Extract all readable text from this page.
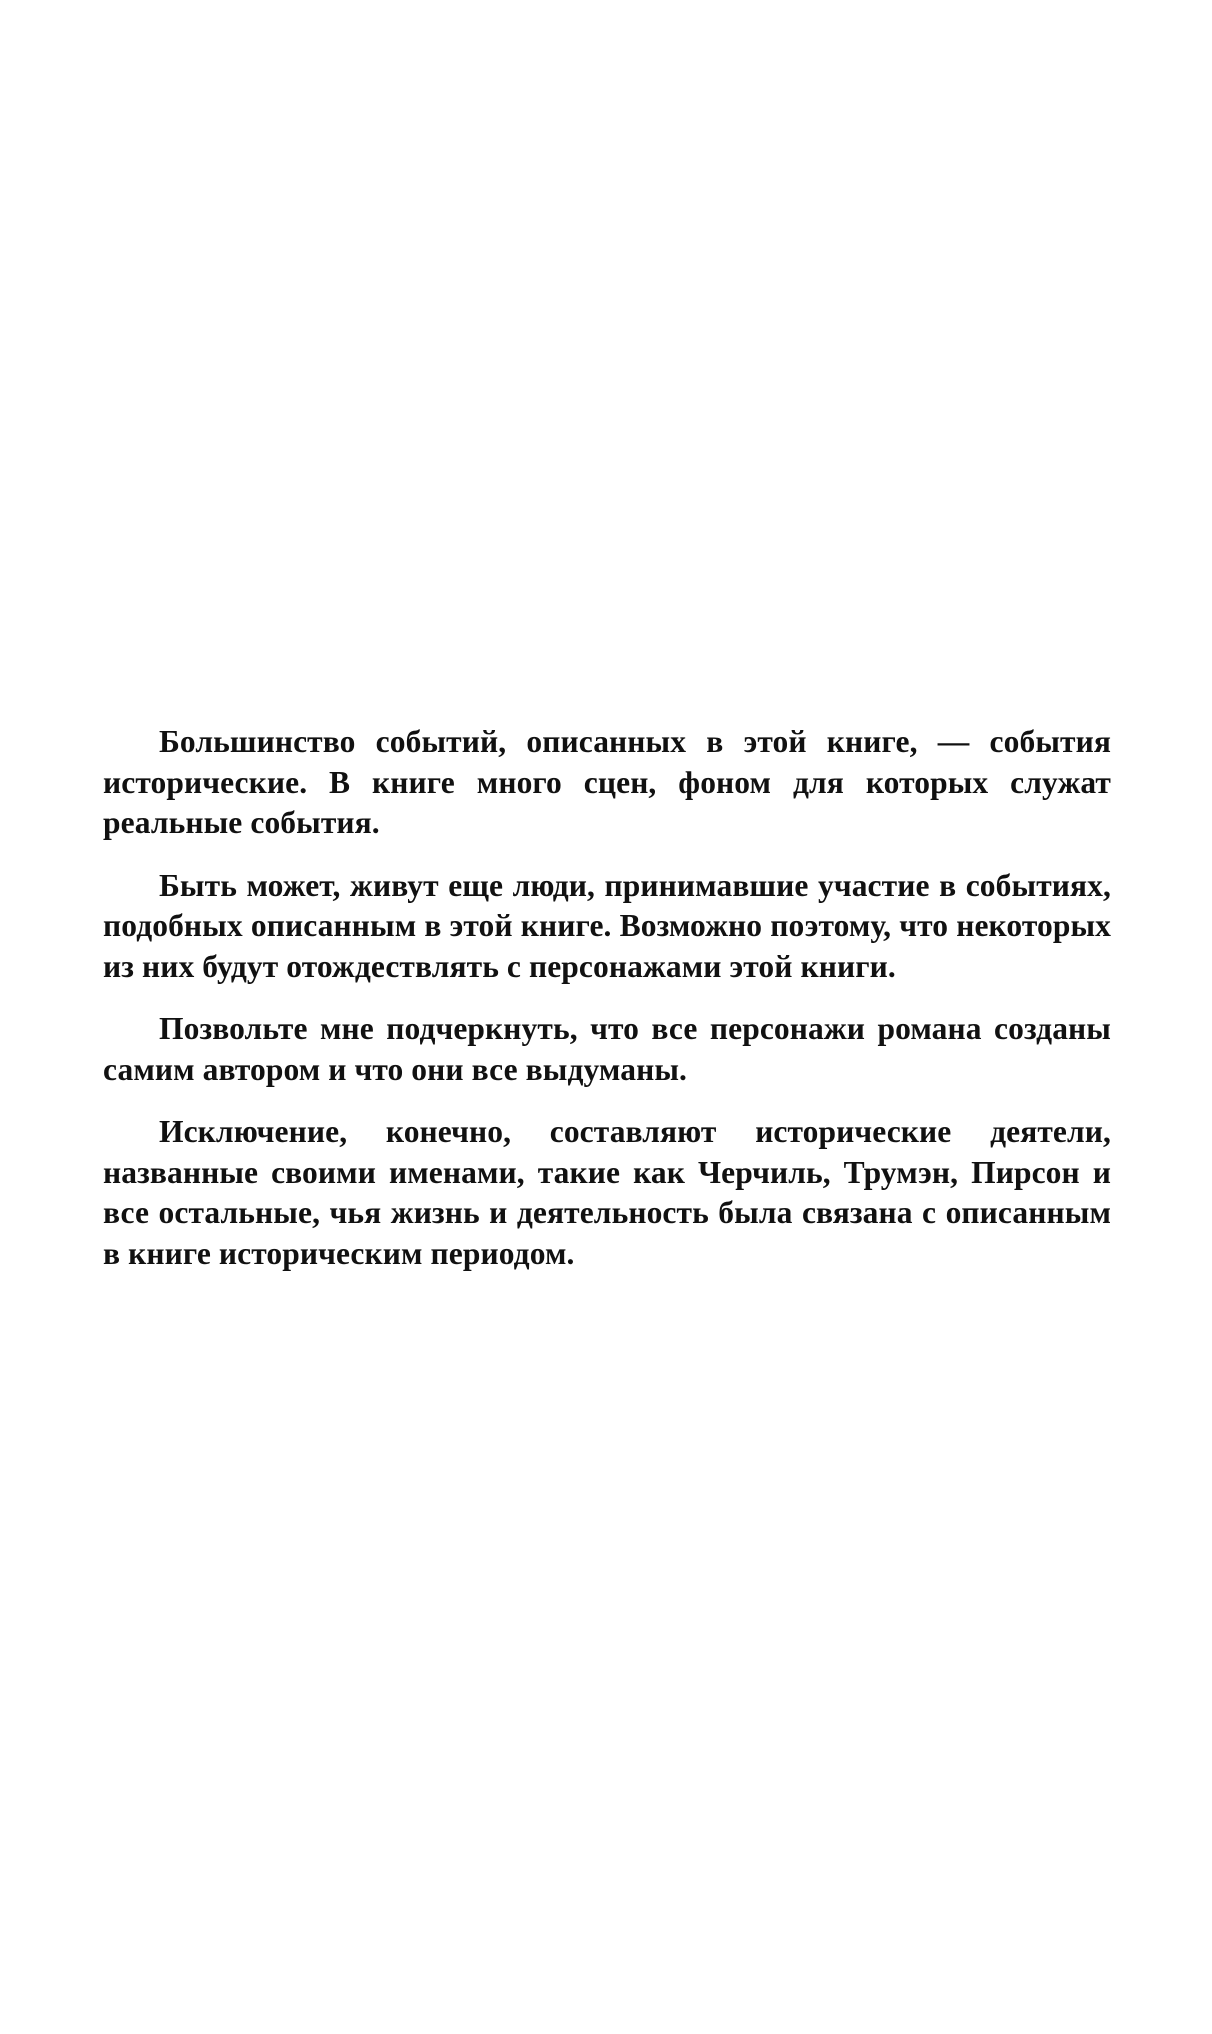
Большинство событий, описанных в этой книге, — события исторические. В книге много сцен, фоном для которых служат реальные события.

Быть может, живут еще люди, принимавшие участие в событиях, подобных описанным в этой книге. Возможно поэтому, что некоторых из них будут отождествлять с персонажами этой книги.

Позвольте мне подчеркнуть, что все персонажи романа созданы самим автором и что они все выдуманы.

Исключение, конечно, составляют исторические деятели, названные своими именами, такие как Черчиль, Трумэн, Пирсон и все остальные, чья жизнь и деятельность была связана с описанным в книге историческим периодом.
